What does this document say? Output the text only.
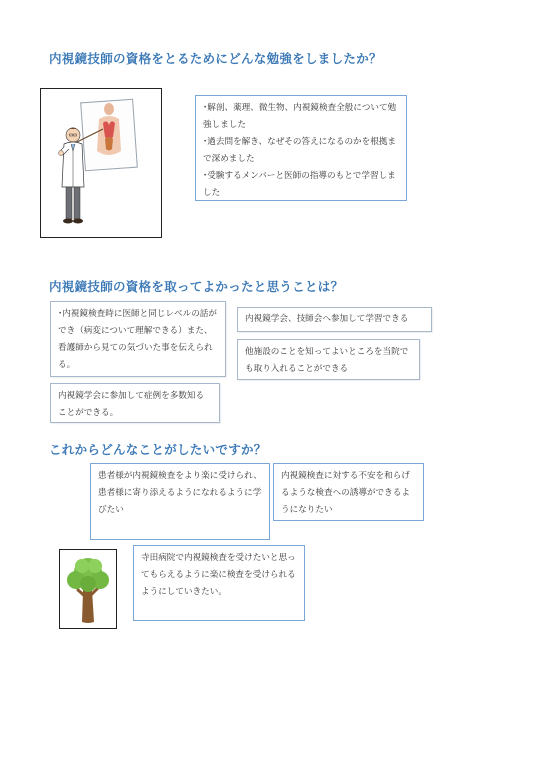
内視鏡技師の資格をとるためにどんな勉強をしましたか？

･解剖、薬理、微生物、内視鏡検査全般について勉強しました

･過去問を解き、なぜその答えになるのかを根拠まで深めました

･受験するメンバーと医師の指導のもとで学習しました

内視鏡技師の資格を取ってよかったと思うことは？

･内視鏡検査時に医師と同じレベルの話ができ（病変について理解できる）また、看護師から見ての気づいた事を伝えられる。

内視鏡学会、技師会へ参加して学習できる

他施設のことを知ってよいところを当院でも取り入れることができる

内視鏡学会に参加して症例を多数知ることができる。

これからどんなことがしたいですか？

患者様が内視鏡検査をより楽に受けられ、患者様に寄り添えるようになれるように学びたい

内視鏡検査に対する不安を和らげるような検査への誘導ができるようになりたい

寺田病院で内視鏡検査を受けたいと思ってもらえるように楽に検査を受けられるようにしていきたい。
